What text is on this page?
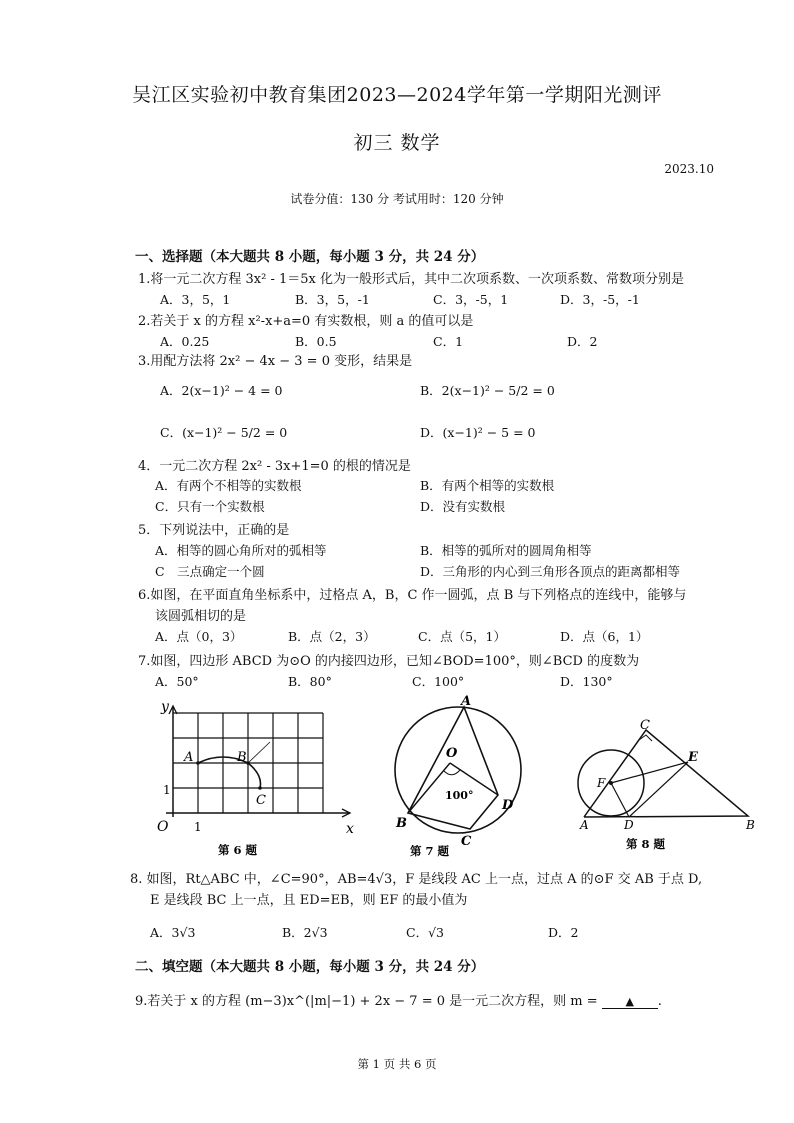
吴江区实验初中教育集团2023—2024学年第一学期阳光测评
初三 数学
2023.10
试卷分值：130 分 考试用时：120 分钟
一、选择题（本大题共 8 小题，每小题 3 分，共 24 分）
1.将一元二次方程 3x² - 1＝5x 化为一般形式后，其中二次项系数、一次项系数、常数项分别是
A．3，5，1	B．3，5，-1	C．3，-5，1	D．3，-5，-1
2.若关于 x 的方程 x²-x+a=0 有实数根，则 a 的值可以是
A．0.25	B．0.5	C．1	D．2
3.用配方法将 2x² − 4x − 3 = 0 变形，结果是
A．2(x−1)² − 4 = 0	B．2(x−1)² − 5/2 = 0
C．(x−1)² − 5/2 = 0	D．(x−1)² − 5 = 0
4．一元二次方程 2x² - 3x+1=0 的根的情况是
A．有两个不相等的实数根	B．有两个相等的实数根
C．只有一个实数根	D．没有实数根
5．下列说法中，正确的是
A．相等的圆心角所对的弧相等	B．相等的弧所对的圆周角相等
C　三点确定一个圆	D．三角形的内心到三角形各顶点的距离都相等
6.如图，在平面直角坐标系中，过格点 A，B，C 作一圆弧，点 B 与下列格点的连线中，能够与
该圆弧相切的是
A．点（0，3）	B．点（2，3）	C．点（5，1）	D．点（6，1）
7.如图，四边形 ABCD 为⊙O 的内接四边形，已知∠BOD=100°，则∠BCD 的度数为
A．50°	B．80°	C．100°	D．130°
y
x
O 1
1
A	B
C
第 6 题
A
B
C
D
O
100°
第 7 题
C
E
F
A	D	B
第 8 题
8. 如图，Rt△ABC 中，∠C=90°，AB=4√3，F 是线段 AC 上一点，过点 A 的⊙F 交 AB 于点 D,
E 是线段 BC 上一点，且 ED=EB，则 EF 的最小值为
A．3√3	B．2√3	C．√3	D．2
二、填空题（本大题共 8 小题，每小题 3 分，共 24 分）
9.若关于 x 的方程 (m−3)x^(|m|−1) + 2x − 7 = 0 是一元二次方程，则 m =	▲ .
第 1 页 共 6 页
